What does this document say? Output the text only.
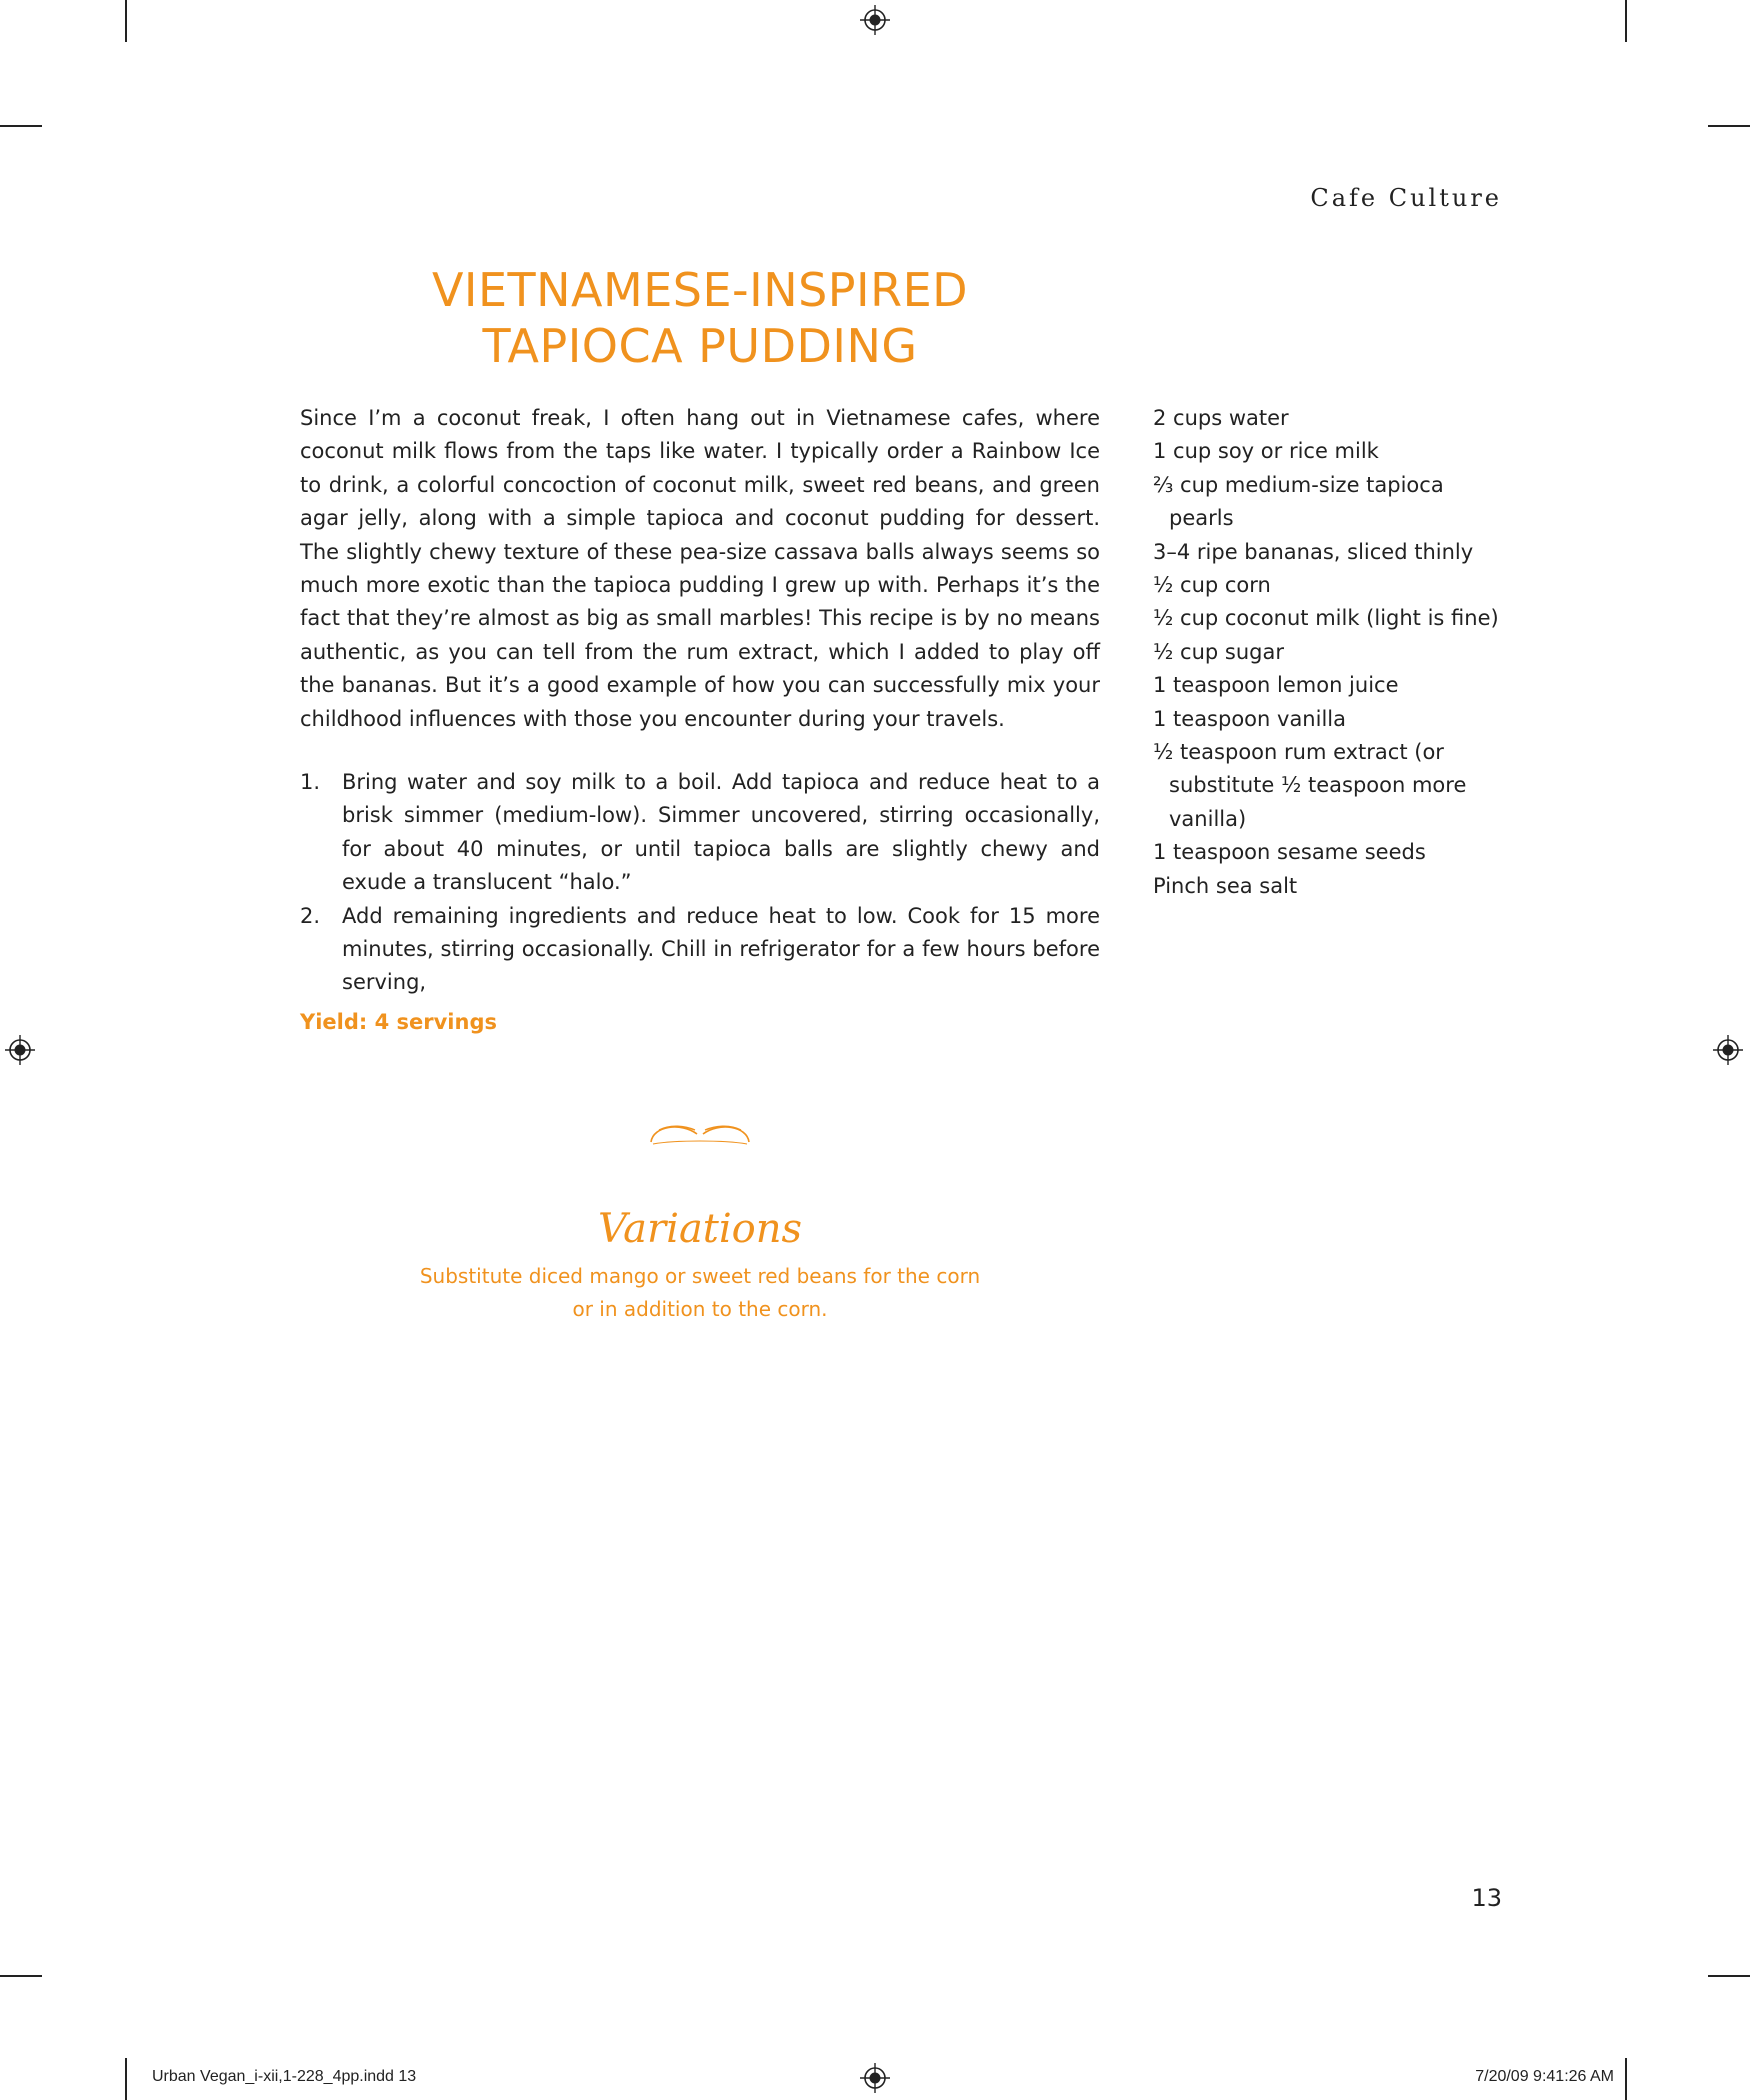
Cafe Culture
VIETNAMESE-INSPIRED
TAPIOCA PUDDING

Since I’m a coconut freak, I often hang out in Vietnamese cafes, where coconut milk flows from the taps like water. I typically order a Rainbow Ice to drink, a colorful concoction of coconut milk, sweet red beans, and green agar jelly, along with a simple tapioca and coconut pudding for dessert. The slightly chewy texture of these pea-size cassava balls always seems so much more exotic than the tapioca pudding I grew up with. Perhaps it’s the fact that they’re almost as big as small marbles! This recipe is by no means authentic, as you can tell from the rum extract, which I added to play off the bananas. But it’s a good example of how you can successfully mix your childhood influences with those you encounter during your travels.

1. Bring water and soy milk to a boil. Add tapioca and reduce heat to a brisk simmer (medium-low). Simmer uncovered, stirring occasionally, for about 40 minutes, or until tapioca balls are slightly chewy and exude a translucent “halo.”
2. Add remaining ingredients and reduce heat to low. Cook for 15 more minutes, stirring occasionally. Chill in refrigerator for a few hours before serving,
Yield: 4 servings
2 cups water
1 cup soy or rice milk
⅔ cup medium-size tapioca pearls
3–4 ripe bananas, sliced thinly
½ cup corn
½ cup coconut milk (light is fine)
½ cup sugar
1 teaspoon lemon juice
1 teaspoon vanilla
½ teaspoon rum extract (or substitute ½ teaspoon more vanilla)
1 teaspoon sesame seeds
Pinch sea salt
Variations
Substitute diced mango or sweet red beans for the corn
or in addition to the corn.
13
Urban Vegan_i-xii,1-228_4pp.indd 13	7/20/09 9:41:26 AM
